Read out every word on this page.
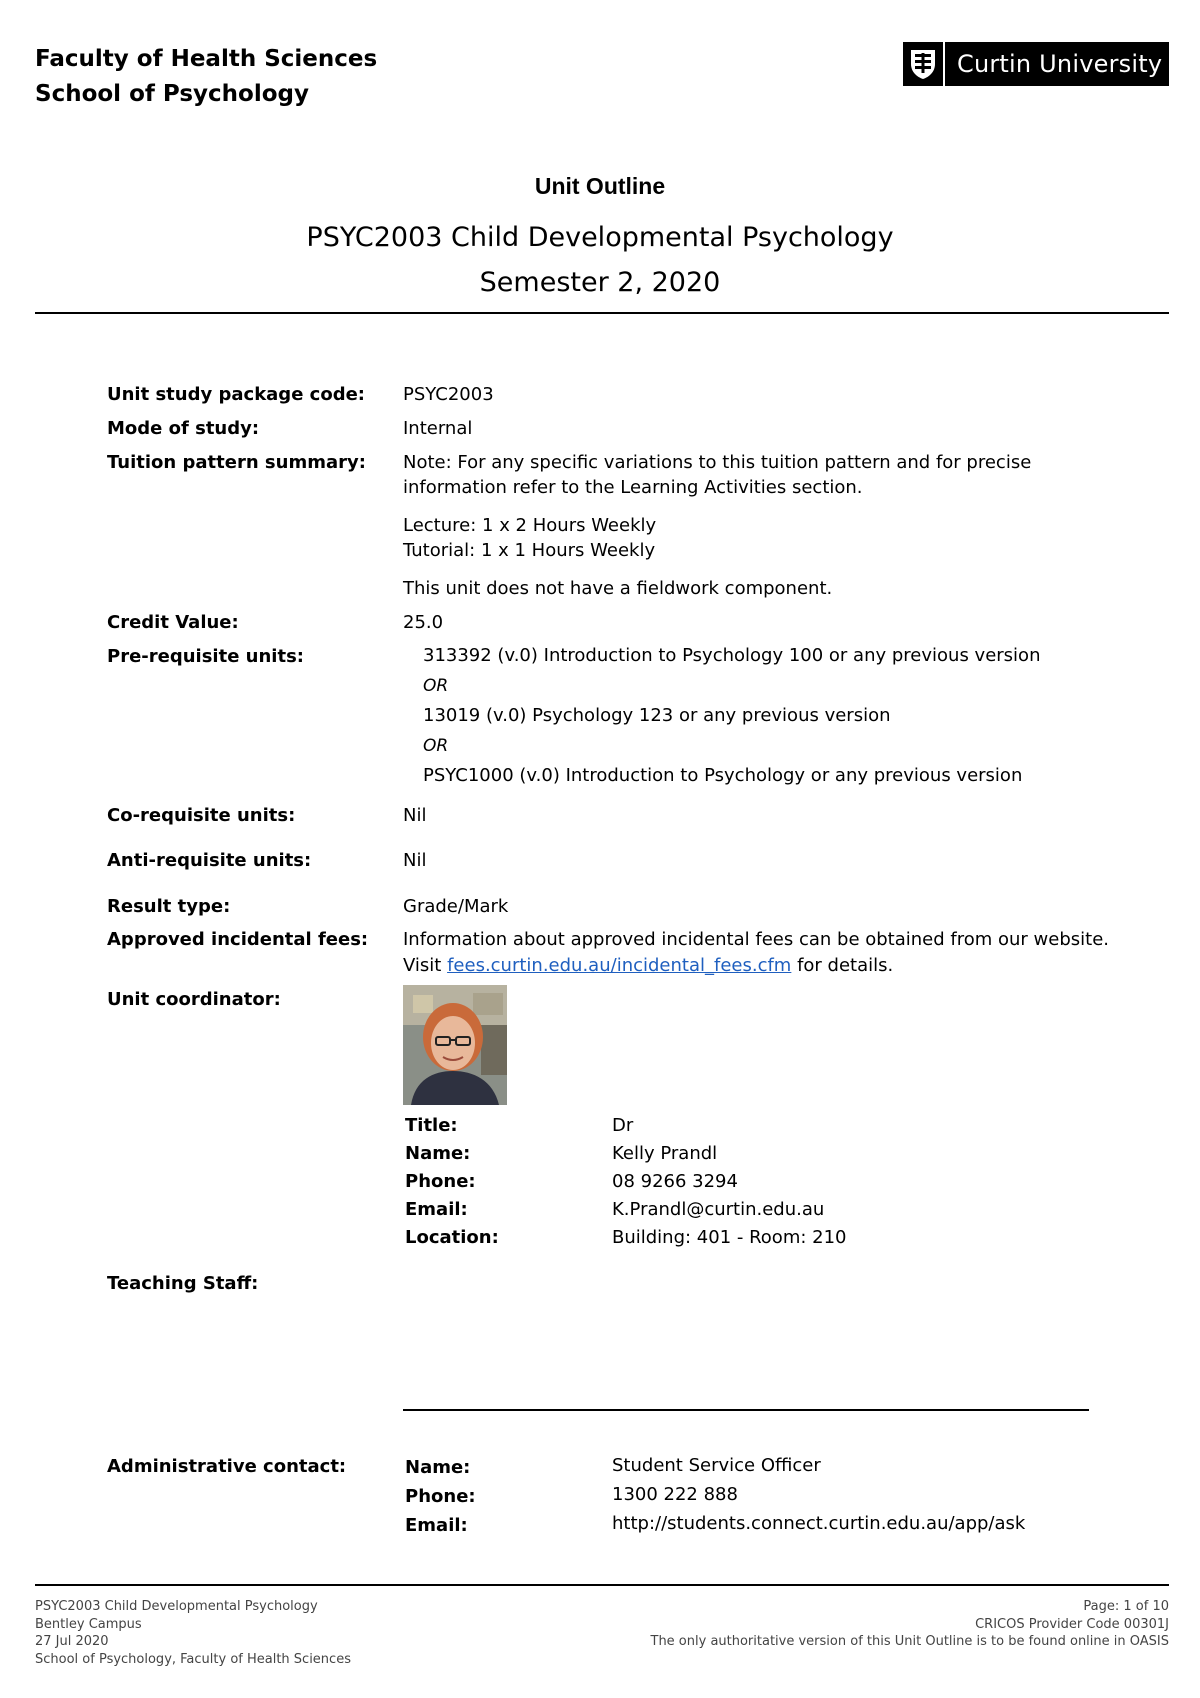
Faculty of Health Sciences
School of Psychology
Curtin University
Unit Outline
PSYC2003 Child Developmental Psychology
Semester 2, 2020
Unit study package code: PSYC2003
Mode of study:	Internal
Tuition pattern summary: Note: For any specific variations to this tuition pattern and for precise
information refer to the Learning Activities section.
Lecture: 1 x 2 Hours Weekly
Tutorial: 1 x 1 Hours Weekly
This unit does not have a fieldwork component.
Credit Value:	25.0
Pre-requisite units:	313392 (v.0) Introduction to Psychology 100 or any previous version
OR
13019 (v.0) Psychology 123 or any previous version
OR
PSYC1000 (v.0) Introduction to Psychology or any previous version
Co-requisite units:	Nil
Anti-requisite units:	Nil
Result type:	Grade/Mark
Approved incidental fees: Information about approved incidental fees can be obtained from our website.
Visit fees.curtin.edu.au/incidental_fees.cfm for details.
Unit coordinator:
Title:	Dr
Name:	Kelly Prandl
Phone:	08 9266 3294
Email:	K.Prandl@curtin.edu.au
Location:	Building: 401 - Room: 210
Teaching Staff:
Administrative contact:	Name:	Student Service Officer
Phone:	1300 222 888
Email:	http://students.connect.curtin.edu.au/app/ask
PSYC2003 Child Developmental Psychology
Bentley Campus
27 Jul 2020
School of Psychology, Faculty of Health Sciences
Page: 1 of 10
CRICOS Provider Code 00301J
The only authoritative version of this Unit Outline is to be found online in OASIS
